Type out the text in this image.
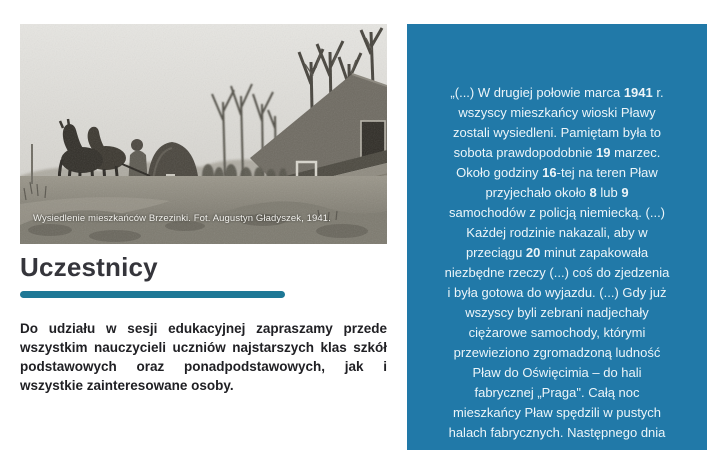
Wysiedlenie mieszkańców Brzezinki. Fot. Augustyn Gładyszek, 1941.
Uczestnicy

Do udziału w sesji edukacyjnej zapraszamy przede wszystkim nauczycieli uczniów najstarszych klas szkół podstawowych oraz ponadpodstawowych, jak i wszystkie zainteresowane osoby.

„(...) W drugiej połowie marca 1941 r.
wszyscy mieszkańcy wioski Pławy
zostali wysiedleni. Pamiętam była to
sobota prawdopodobnie 19 marzec.
Około godziny 16-tej na teren Pław
przyjechało około 8 lub 9
samochodów z policją niemiecką. (...)
Każdej rodzinie nakazali, aby w
przeciągu 20 minut zapakowała
niezbędne rzeczy (...) coś do zjedzenia
i była gotowa do wyjazdu. (...) Gdy już
wszyscy byli zebrani nadjechały
ciężarowe samochody, którymi
przewieziono zgromadzoną ludność
Pław do Oświęcimia – do hali
fabrycznej „Praga". Całą noc
mieszkańcy Pław spędzili w pustych
halach fabrycznych. Następnego dnia
